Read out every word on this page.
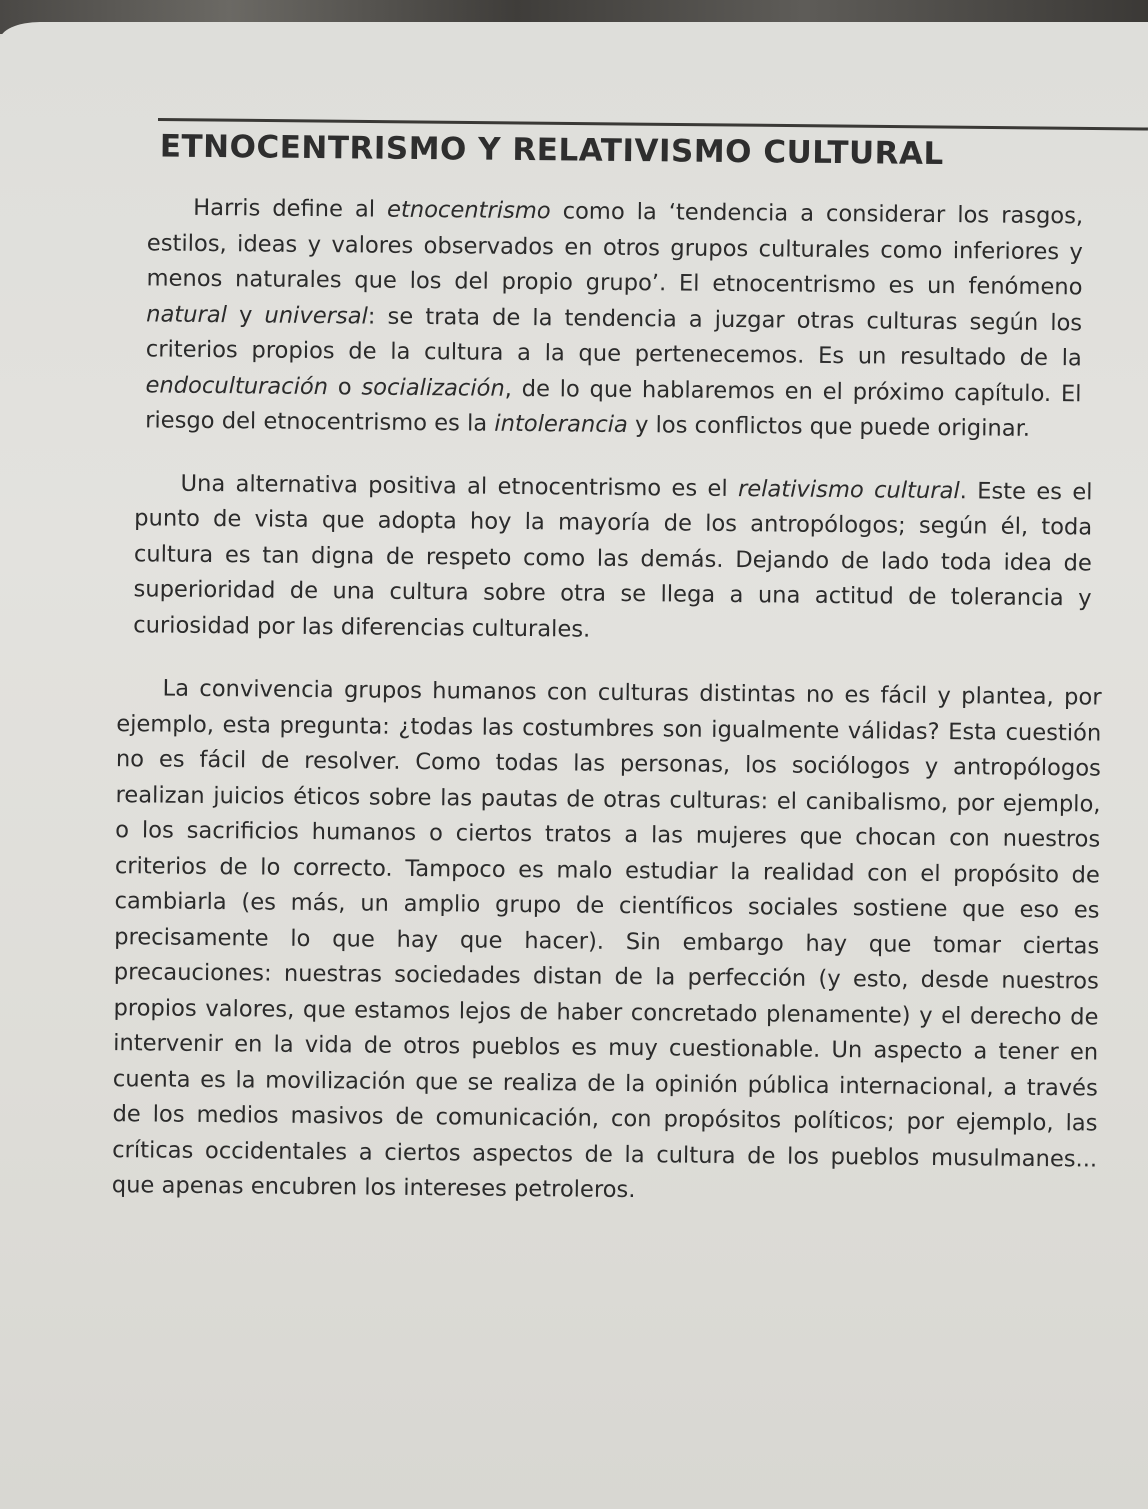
ETNOCENTRISMO Y RELATIVISMO CULTURAL

Harris define al etnocentrismo como la ‘tendencia a considerar los rasgos, estilos, ideas y valores observados en otros grupos culturales como inferiores y menos naturales que los del propio grupo’. El etnocentrismo es un fenómeno natural y universal: se trata de la tendencia a juzgar otras culturas según los criterios propios de la cultura a la que pertenecemos. Es un resultado de la endoculturación o socialización, de lo que hablaremos en el próximo capítulo. El riesgo del etnocentrismo es la intolerancia y los conflictos que puede originar.

Una alternativa positiva al etnocentrismo es el relativismo cultural. Este es el punto de vista que adopta hoy la mayoría de los antropólogos; según él, toda cultura es tan digna de respeto como las demás. Dejando de lado toda idea de superioridad de una cultura sobre otra se llega a una actitud de tolerancia y curiosidad por las diferencias culturales.

La convivencia grupos humanos con culturas distintas no es fácil y plantea, por ejemplo, esta pregunta: ¿todas las costumbres son igualmente válidas? Esta cuestión no es fácil de resolver. Como todas las personas, los sociólogos y antropólogos realizan juicios éticos sobre las pautas de otras culturas: el canibalismo, por ejemplo, o los sacrificios humanos o ciertos tratos a las mujeres que chocan con nuestros criterios de lo correcto. Tampoco es malo estudiar la realidad con el propósito de cambiarla (es más, un amplio grupo de científicos sociales sostiene que eso es precisamente lo que hay que hacer). Sin embargo hay que tomar ciertas precauciones: nuestras sociedades distan de la perfección (y esto, desde nuestros propios valores, que estamos lejos de haber concretado plenamente) y el derecho de intervenir en la vida de otros pueblos es muy cuestionable. Un aspecto a tener en cuenta es la movilización que se realiza de la opinión pública internacional, a través de los medios masivos de comunicación, con propósitos políticos; por ejemplo, las críticas occidentales a ciertos aspectos de la cultura de los pueblos musulmanes... que apenas encubren los intereses petroleros.
